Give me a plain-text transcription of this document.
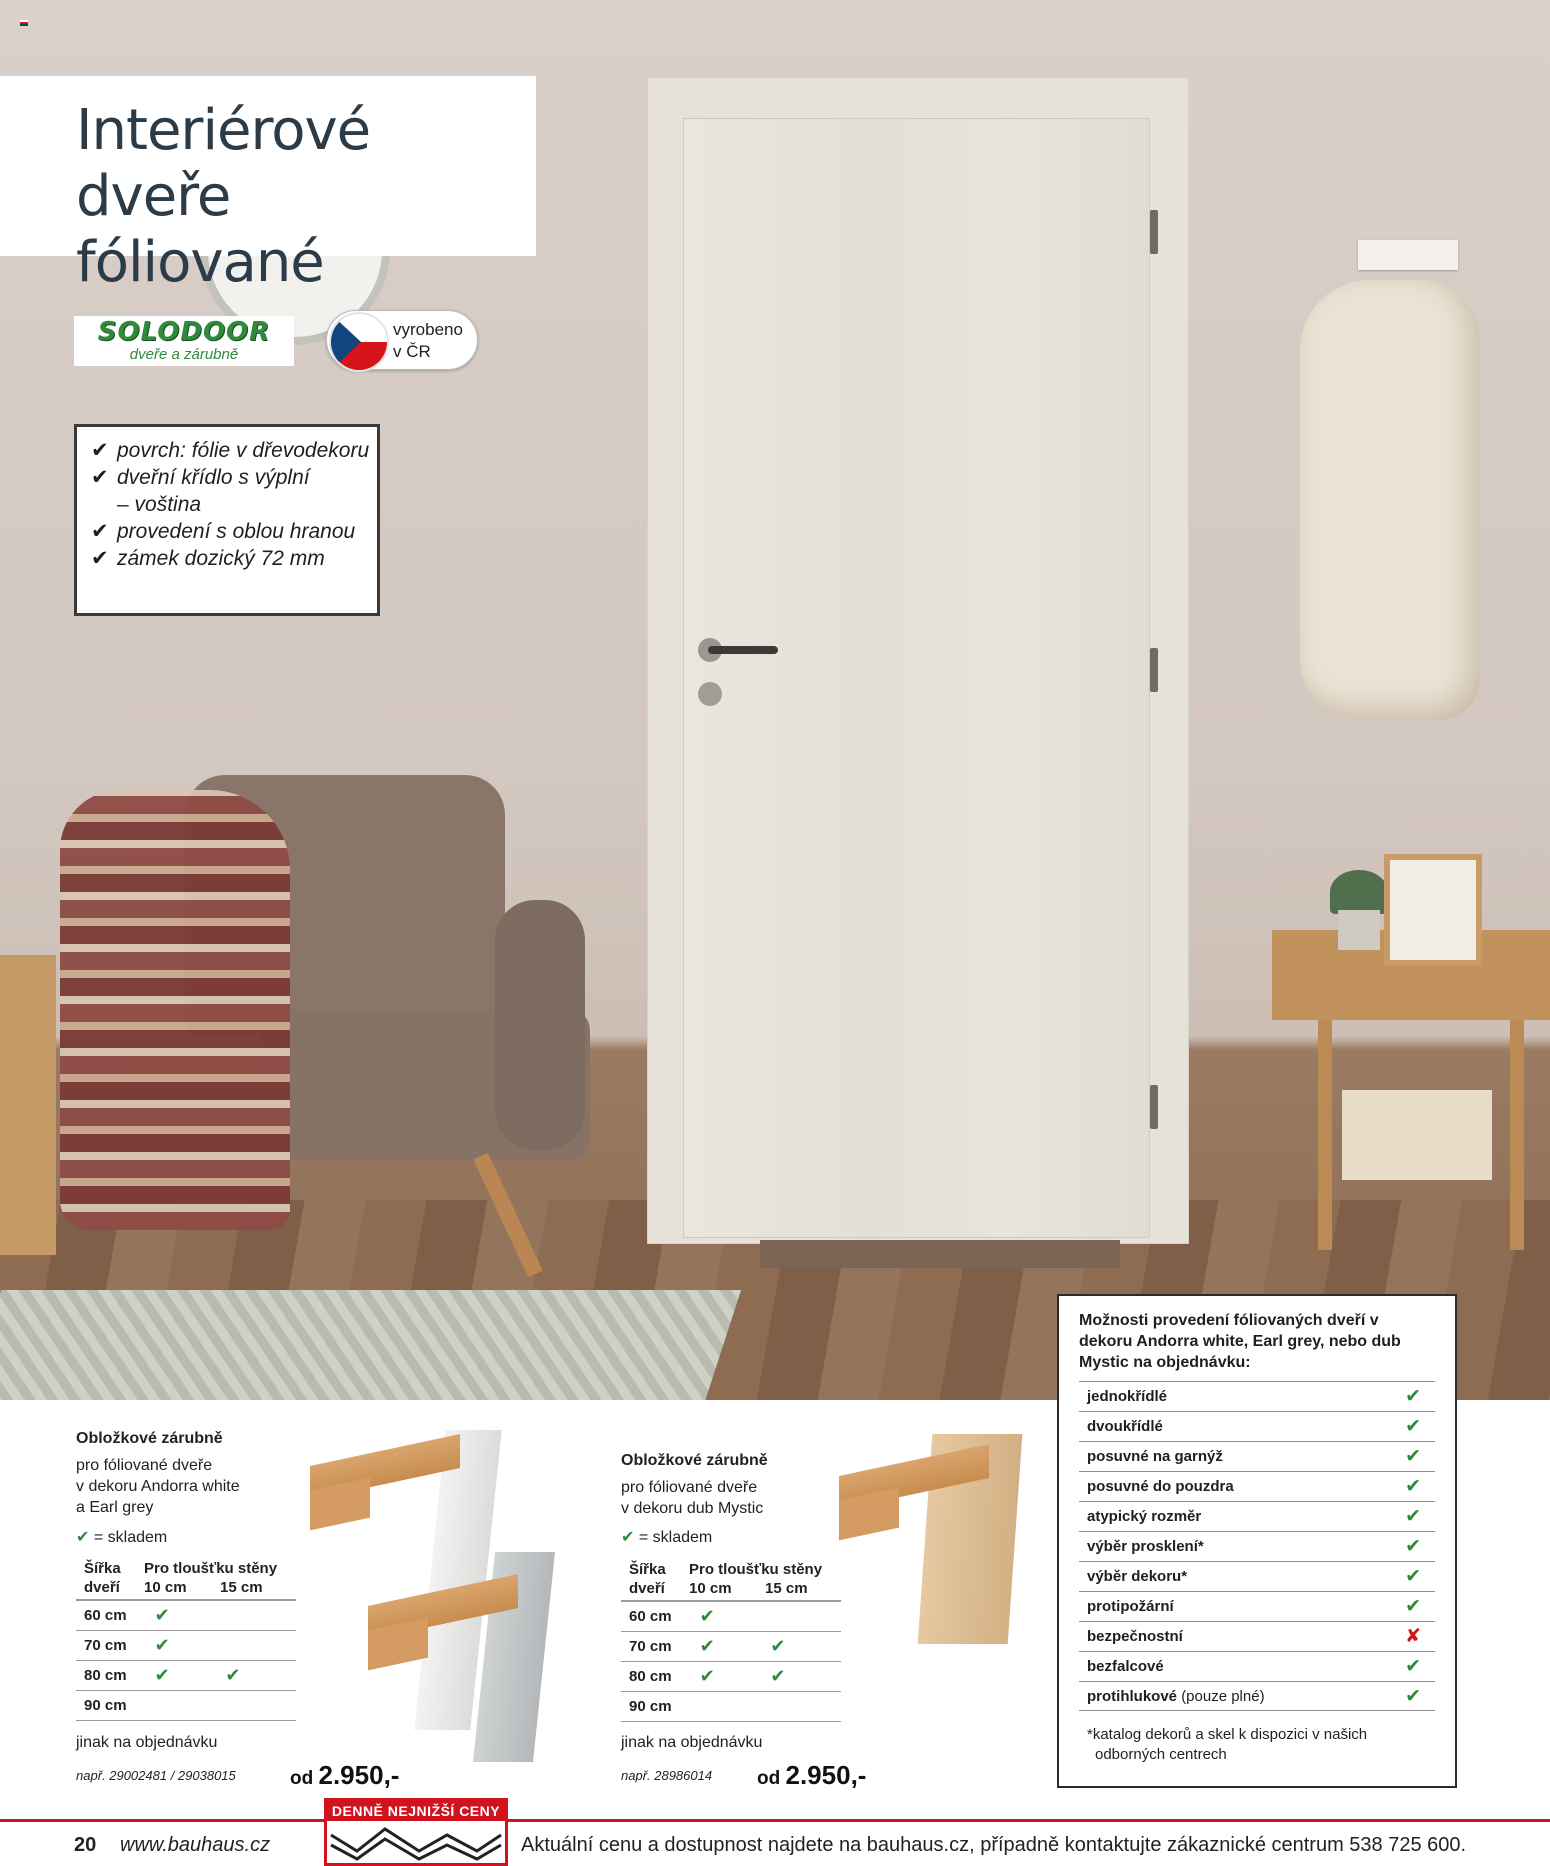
Interiérové dveře
fóliované
SOLODOOR
dveře a zárubně
vyrobeno
v ČR
✔ povrch: fólie v dřevodekoru
✔ dveřní křídlo s výplní
– voština
✔ provedení s oblou hranou
✔ zámek dozický 72 mm
Obložkové zárubně
pro fóliované dveře
v dekoru Andorra white
a Earl grey
✔ = skladem
Šířka
dveří
Pro tloušťku stěny
10 cm	15 cm
60 cm	✔
70 cm	✔
80 cm	✔	✔
90 cm
jinak na objednávku
např. 29002481 / 29038015	od 2.950,-
Obložkové zárubně
pro fóliované dveře
v dekoru dub Mystic
✔ = skladem
Šířka
dveří
Pro tloušťku stěny
10 cm	15 cm
60 cm	✔
70 cm	✔	✔
80 cm	✔	✔
90 cm
jinak na objednávku
např. 28986014 od 2.950,-
Možnosti provedení fóliovaných dveří v dekoru Andorra white, Earl grey, nebo dub Mystic na objednávku:
jednokřídlé	✔
dvoukřídlé	✔
posuvné na garnýž	✔
posuvné do pouzdra	✔
atypický rozměr	✔
výběr prosklení*	✔
výběr dekoru*	✔
protipožární	✔
bezpečnostní	✘
bezfalcové	✔
protihlukové (pouze plné)	✔
*katalog dekorů a skel k dispozici v našich
odborných centrech
20 www.bauhaus.cz
DENNĚ NEJNIŽŠÍ CENY
Aktuální cenu a dostupnost najdete na bauhaus.cz, případně kontaktujte zákaznické centrum 538 725 600.
